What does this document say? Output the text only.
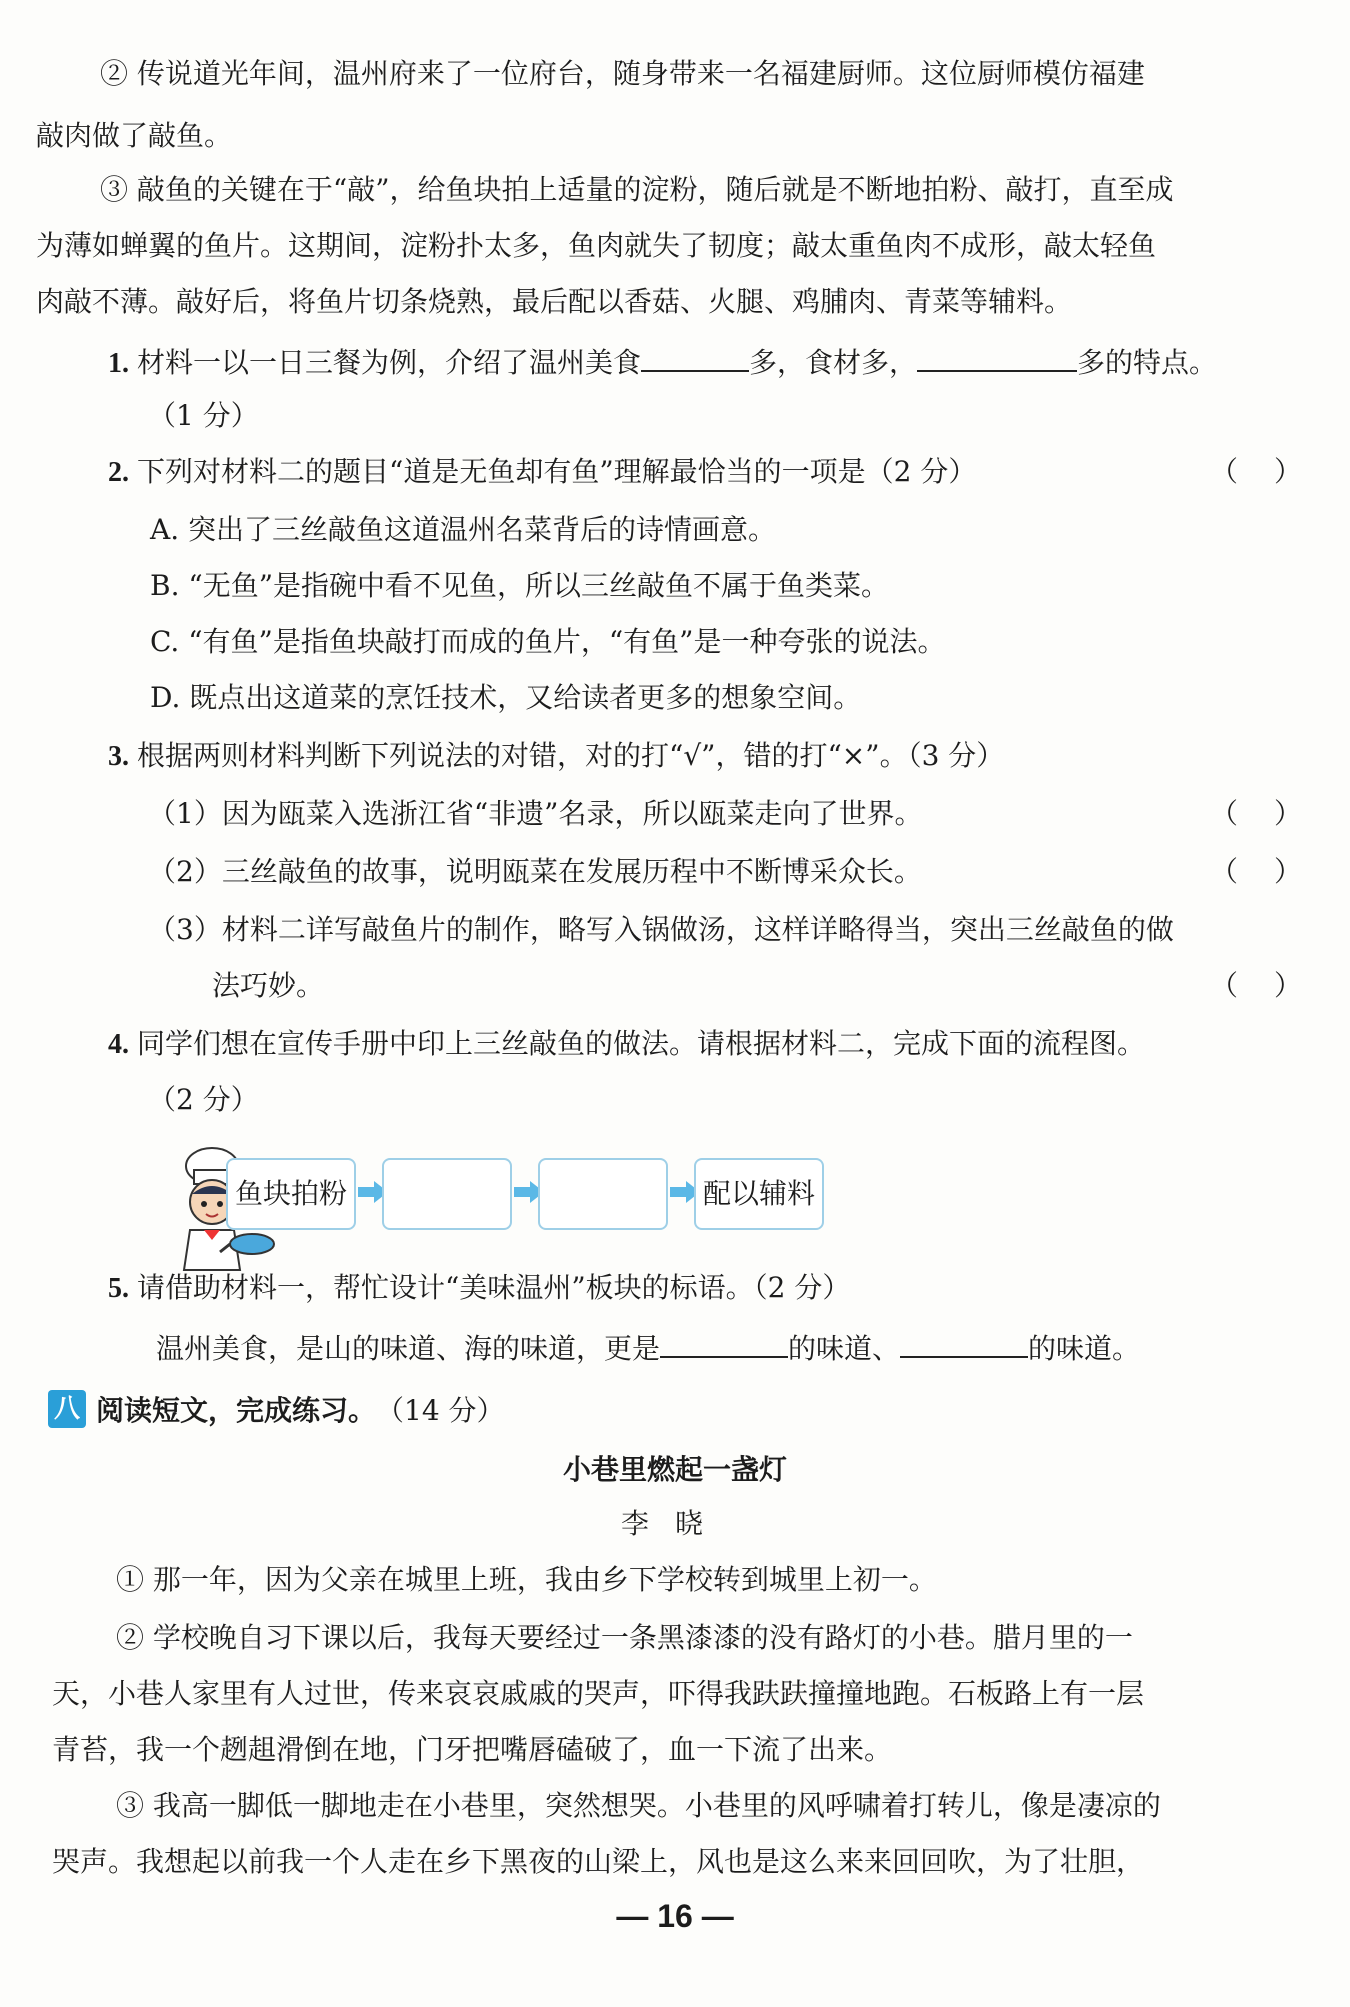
② 传说道光年间，温州府来了一位府台，随身带来一名福建厨师。这位厨师模仿福建
敲肉做了敲鱼。
③ 敲鱼的关键在于“敲”，给鱼块拍上适量的淀粉，随后就是不断地拍粉、敲打，直至成
为薄如蝉翼的鱼片。这期间，淀粉扑太多，鱼肉就失了韧度；敲太重鱼肉不成形，敲太轻鱼
肉敲不薄。敲好后，将鱼片切条烧熟，最后配以香菇、火腿、鸡脯肉、青菜等辅料。
1. 材料一以一日三餐为例，介绍了温州美食	多，食材多，	多的特点。
（1 分）
2. 下列对材料二的题目“道是无鱼却有鱼”理解最恰当的一项是（2 分）	（ ）
A. 突出了三丝敲鱼这道温州名菜背后的诗情画意。
B. “无鱼”是指碗中看不见鱼，所以三丝敲鱼不属于鱼类菜。
C. “有鱼”是指鱼块敲打而成的鱼片，“有鱼”是一种夸张的说法。
D. 既点出这道菜的烹饪技术，又给读者更多的想象空间。
3. 根据两则材料判断下列说法的对错，对的打“√”，错的打“×”。（3 分）
（1）因为瓯菜入选浙江省“非遗”名录，所以瓯菜走向了世界。	（ ）
（2）三丝敲鱼的故事，说明瓯菜在发展历程中不断博采众长。	（ ）
（3）材料二详写敲鱼片的制作，略写入锅做汤，这样详略得当，突出三丝敲鱼的做
法巧妙。	（ ）
4. 同学们想在宣传手册中印上三丝敲鱼的做法。请根据材料二，完成下面的流程图。
（2 分）
鱼块拍粉	配以辅料
5. 请借助材料一，帮忙设计“美味温州”板块的标语。（2 分）
温州美食，是山的味道、海的味道，更是	的味道、	的味道。
八 阅读短文，完成练习。 （14 分）
小巷里燃起一盏灯
李晓
① 那一年，因为父亲在城里上班，我由乡下学校转到城里上初一。
② 学校晚自习下课以后，我每天要经过一条黑漆漆的没有路灯的小巷。腊月里的一
天，小巷人家里有人过世，传来哀哀戚戚的哭声，吓得我趺趺撞撞地跑。石板路上有一层
青苔，我一个趔趄滑倒在地，门牙把嘴唇磕破了，血一下流了出来。
③ 我高一脚低一脚地走在小巷里，突然想哭。小巷里的风呼啸着打转儿，像是凄凉的
哭声。我想起以前我一个人走在乡下黑夜的山梁上，风也是这么来来回回吹，为了壮胆，
— 16 —
